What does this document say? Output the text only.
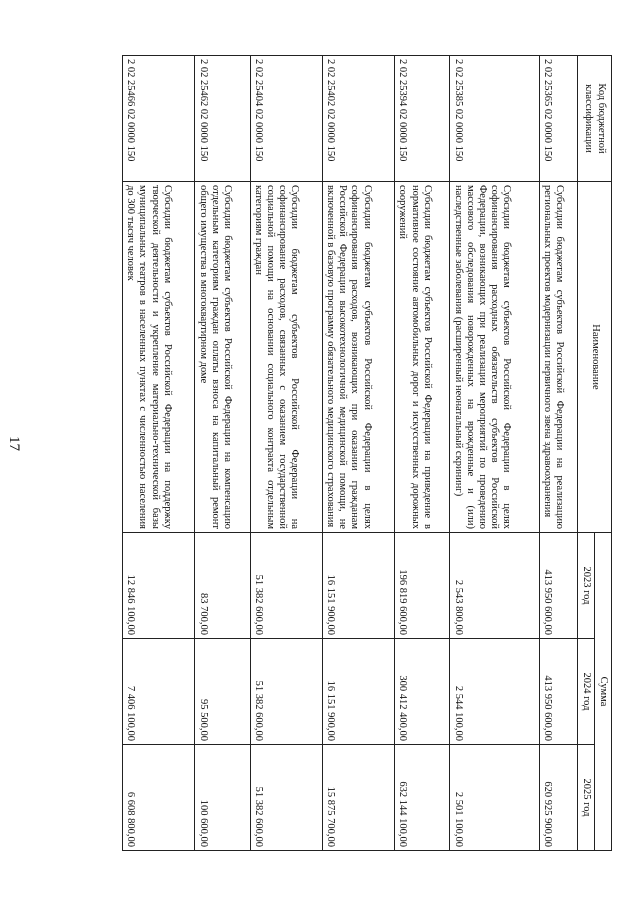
17
Код бюджетной классификации	Наименование	Сумма		
		2023 год	2024 год	2025 год
2 02 25365 02 0000 150	Субсидии бюджетам субъектов Российской Федерации на реализацию региональных проектов модернизации первичного звена здравоохранения	413 950 600,00	413 950 600,00	620 925 900,00
2 02 25385 02 0000 150	Субсидии бюджетам субъектов Российской Федерации в целях софинансирования расходных обязательств субъектов Российской Федерации, возникающих при реализации мероприятий по проведению массового обследования новорожденных на врожденные и (или) наследственные заболевания (расширенный неонатальный скрининг)	2 543 800,00	2 544 100,00	2 501 100,00
2 02 25394 02 0000 150	Субсидии бюджетам субъектов Российской Федерации на приведение в нормативное состояние автомобильных дорог и искусственных дорожных сооружений	196 819 600,00	300 412 400,00	632 144 100,00
2 02 25402 02 0000 150	Субсидии бюджетам субъектов Российской Федерации в целях софинансирования расходов, возникающих при оказании гражданам Российской Федерации высокотехнологичной медицинской помощи, не включенной в базовую программу обязательного медицинского страхования	16 151 900,00	16 151 900,00	15 875 700,00
2 02 25404 02 0000 150	Субсидии бюджетам субъектов Российской Федерации на софинансирование расходов, связанных с оказанием государственной социальной помощи на основании социального контракта отдельным категориям граждан	51 382 600,00	51 382 600,00	51 382 600,00
2 02 25462 02 0000 150	Субсидии бюджетам субъектов Российской Федерации на компенсацию отдельным категориям граждан оплаты взноса на капитальный ремонт общего имущества в многоквартирном доме	83 700,00	95 500,00	100 600,00
2 02 25466 02 0000 150	Субсидии бюджетам субъектов Российской Федерации на поддержку творческой деятельности и укрепление материально-технической базы муниципальных театров в населенных пунктах с численностью населения до 300 тысяч человек	12 846 100,00	7 406 100,00	6 608 800,00
